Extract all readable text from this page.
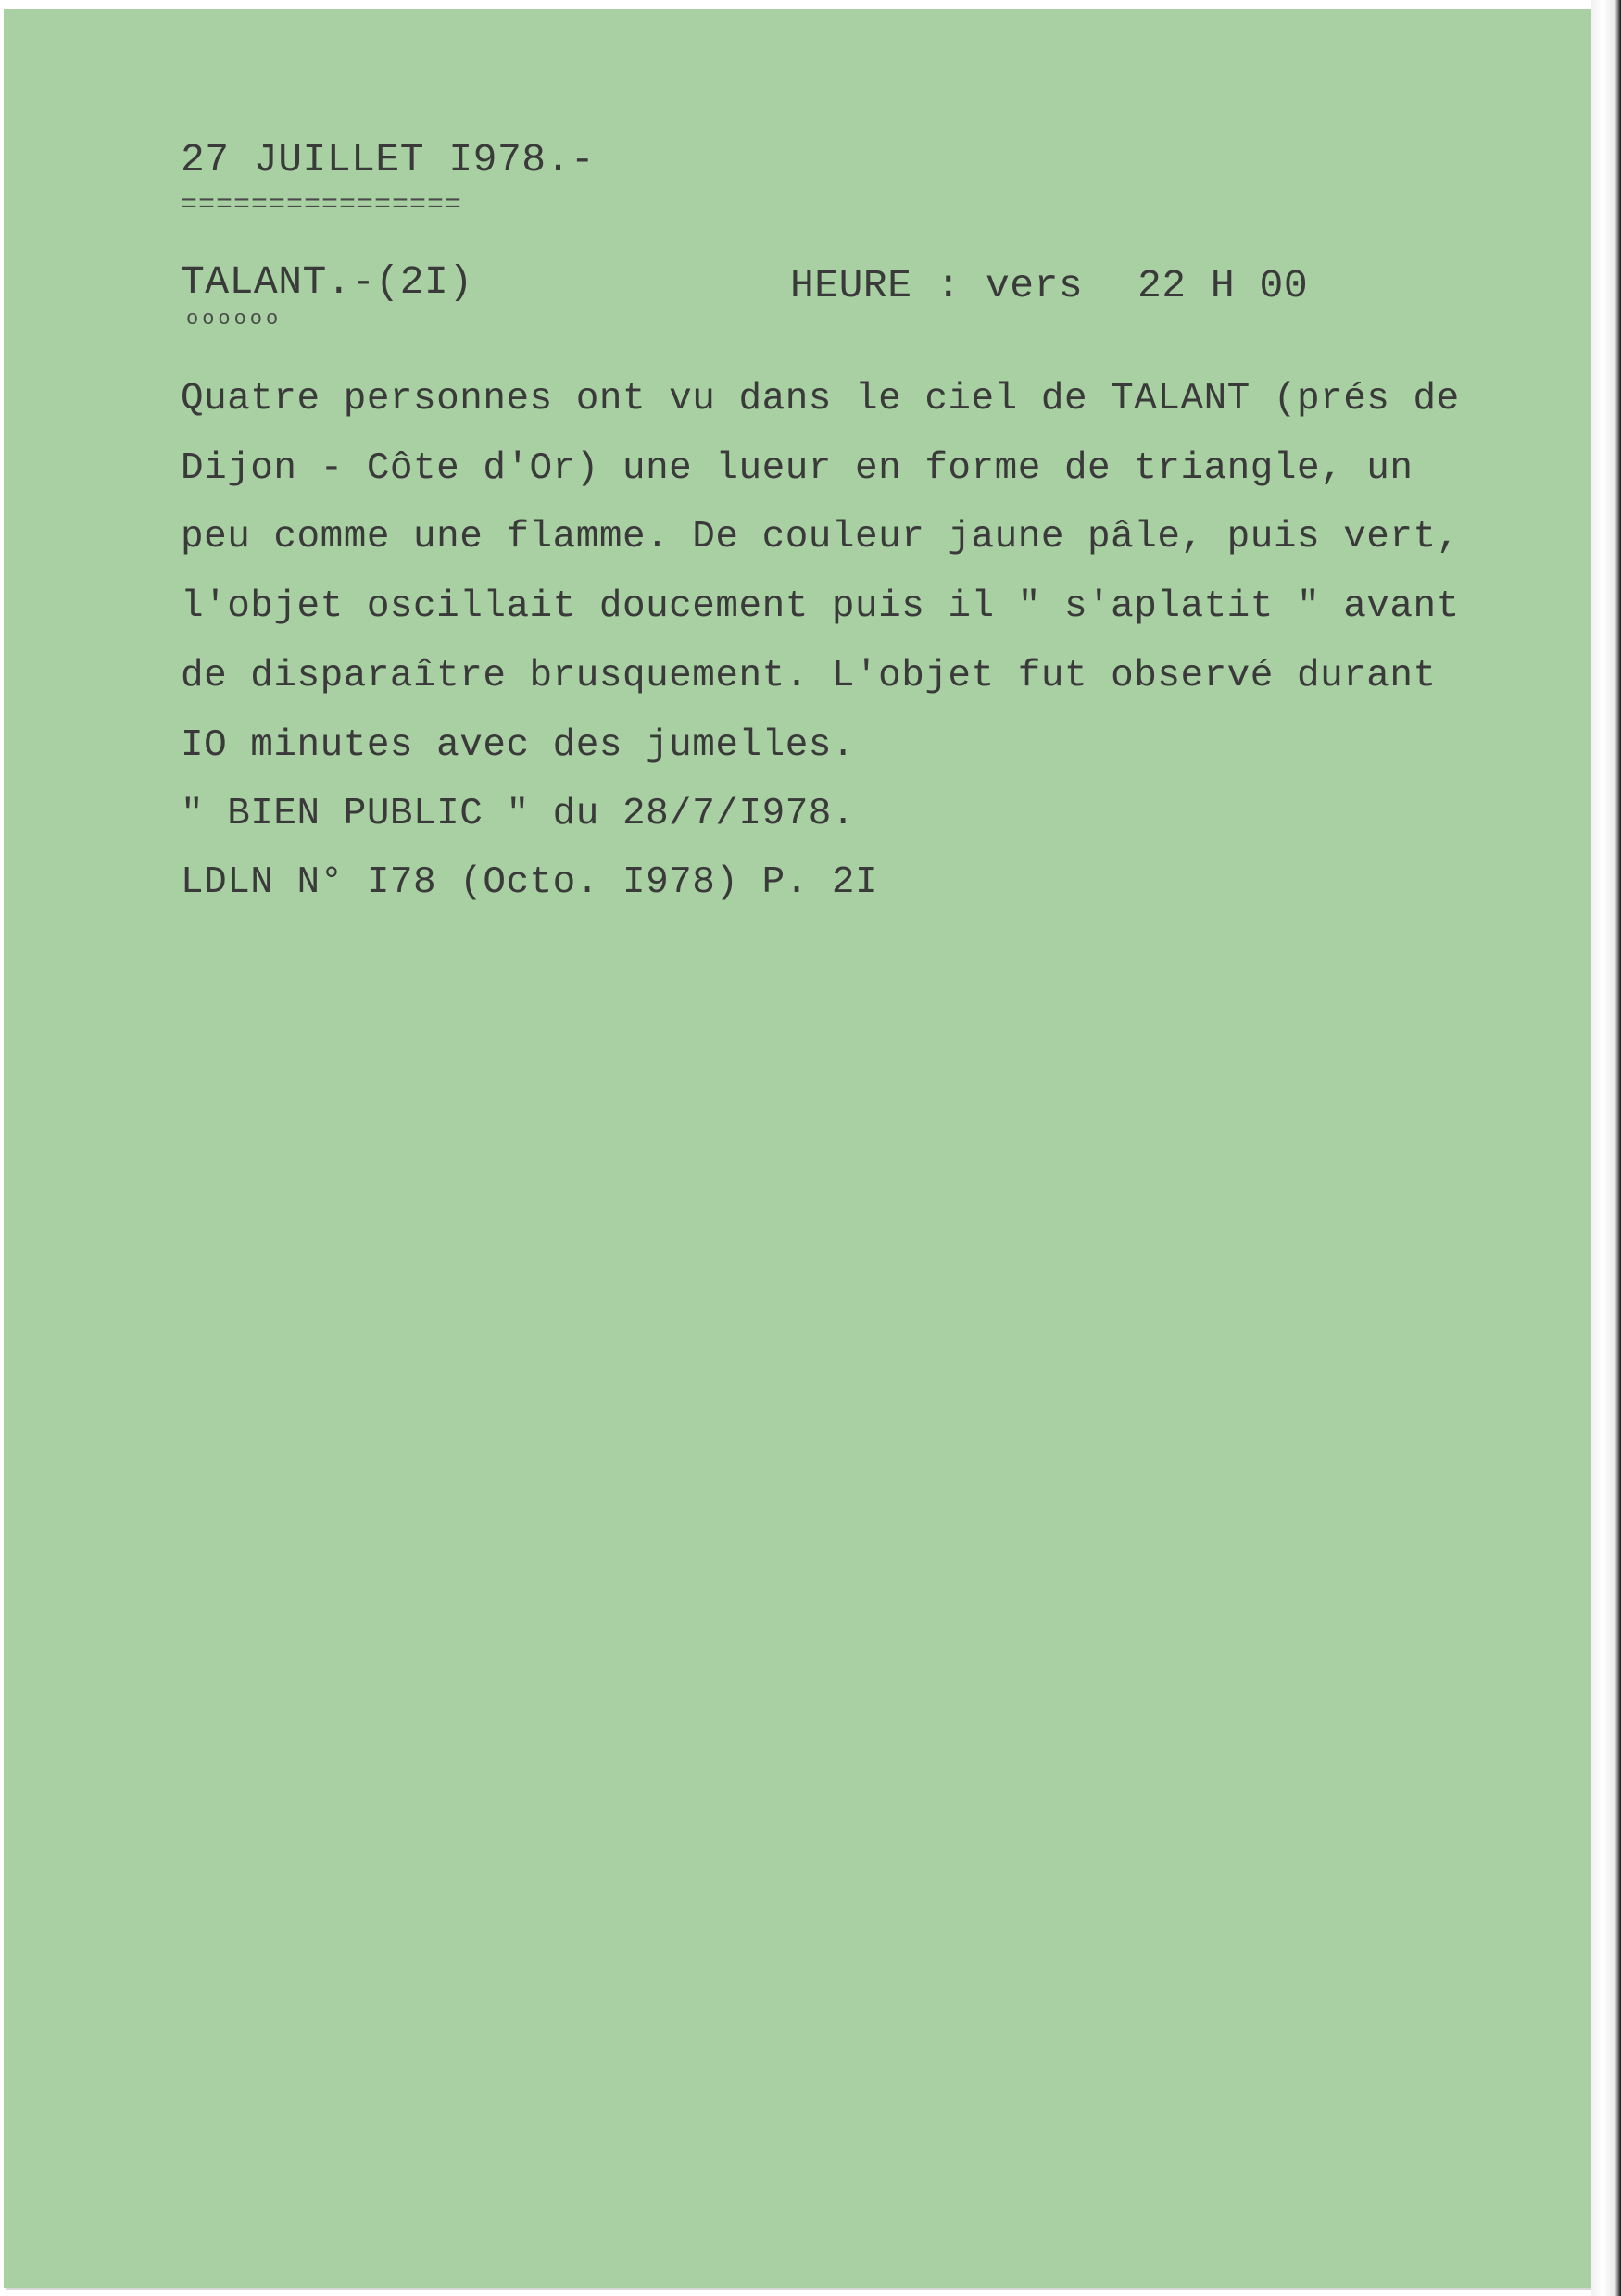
27 JUILLET I978.-
================
TALANT.-(2I)
oooooo
HEURE : vers 22 H 00
Quatre personnes ont vu dans le ciel de TALANT (prés de
Dijon - Côte d'Or) une lueur en forme de triangle, un
peu comme une flamme. De couleur jaune pâle, puis vert,
l'objet oscillait doucement puis il " s'aplatit " avant
de disparaître brusquement. L'objet fut observé durant
IO minutes avec des jumelles.
" BIEN PUBLIC " du 28/7/I978.
LDLN N° I78 (Octo. I978) P. 2I
